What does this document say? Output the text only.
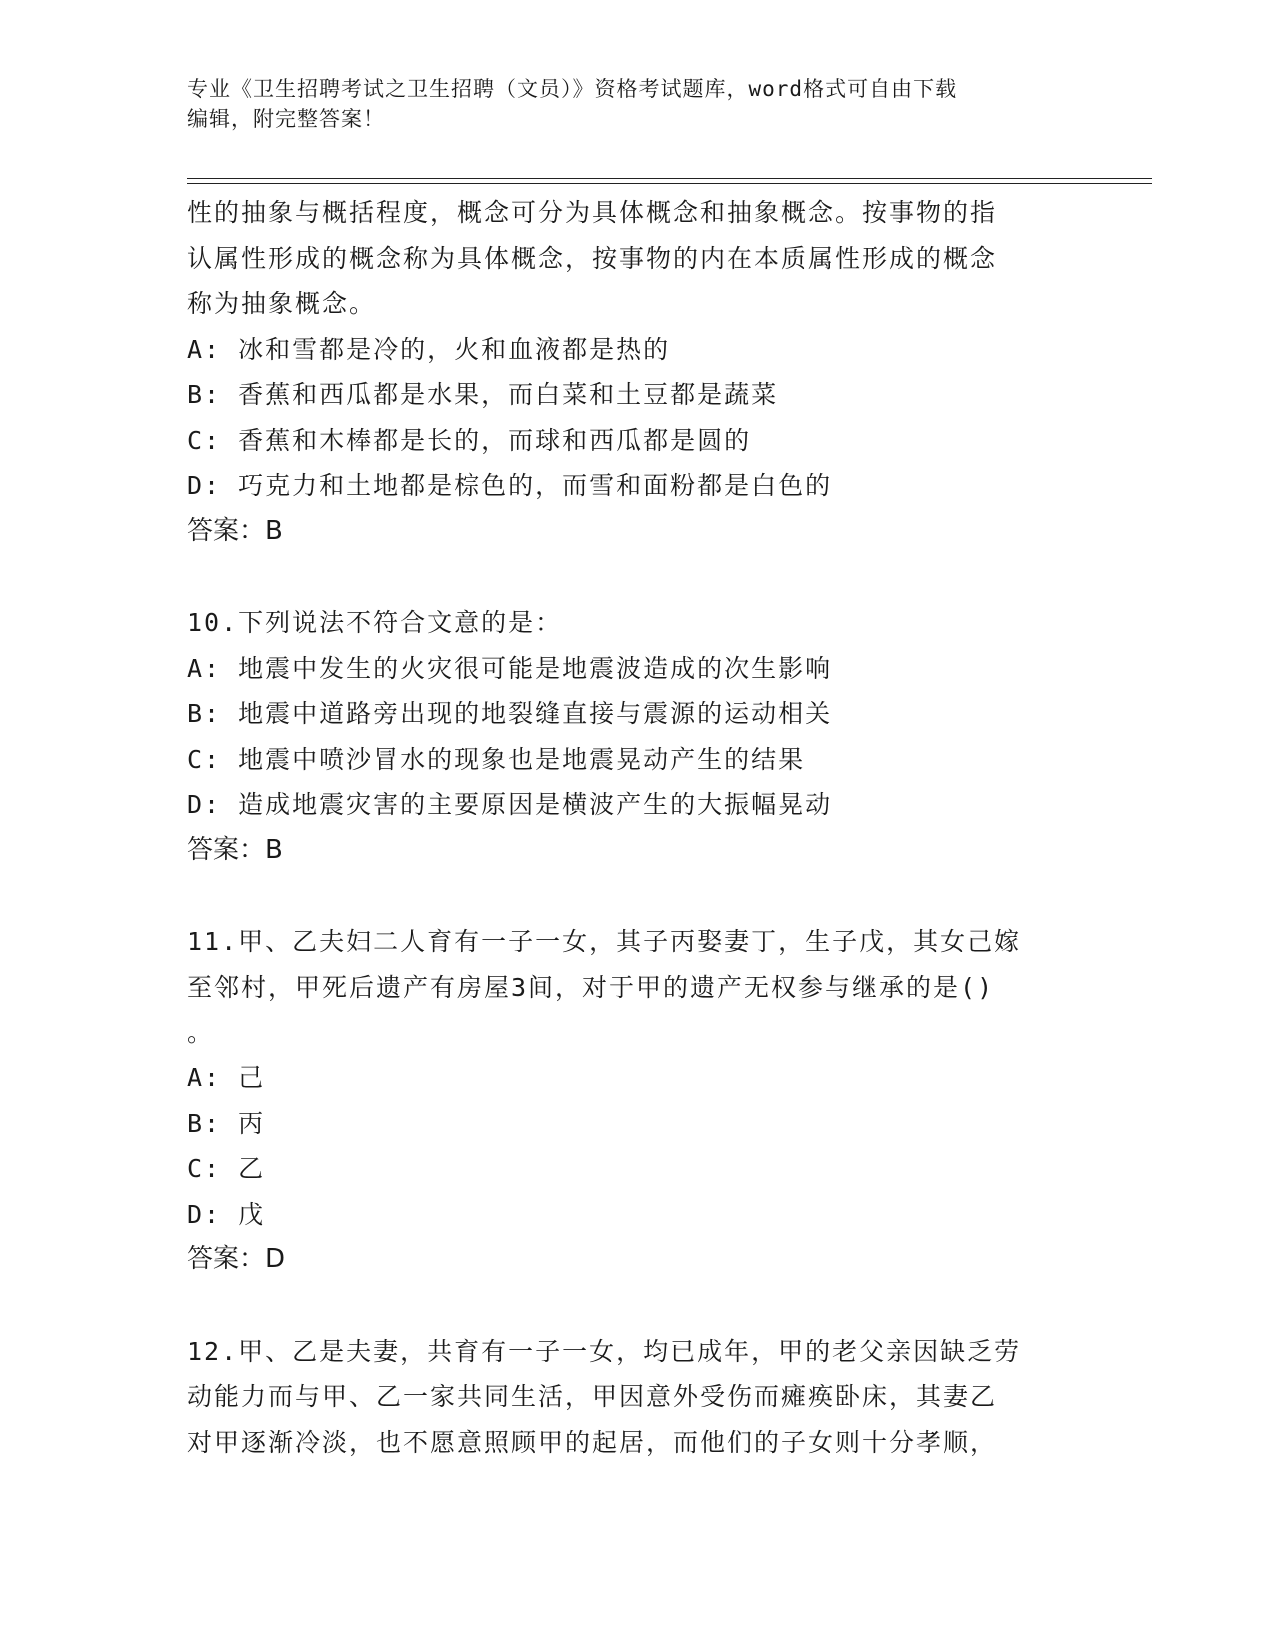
专业《卫生招聘考试之卫生招聘（文员）》资格考试题库，word格式可自由下载
编辑，附完整答案！
性的抽象与概括程度，概念可分为具体概念和抽象概念。按事物的指
认属性形成的概念称为具体概念，按事物的内在本质属性形成的概念
称为抽象概念。
A: 冰和雪都是冷的，火和血液都是热的
B: 香蕉和西瓜都是水果，而白菜和土豆都是蔬菜
C: 香蕉和木棒都是长的，而球和西瓜都是圆的
D: 巧克力和土地都是棕色的，而雪和面粉都是白色的
答案：B
10.下列说法不符合文意的是：
A: 地震中发生的火灾很可能是地震波造成的次生影响
B: 地震中道路旁出现的地裂缝直接与震源的运动相关
C: 地震中喷沙冒水的现象也是地震晃动产生的结果
D: 造成地震灾害的主要原因是横波产生的大振幅晃动
答案：B
11.甲、乙夫妇二人育有一子一女，其子丙娶妻丁，生子戊，其女己嫁
至邻村，甲死后遗产有房屋3间，对于甲的遗产无权参与继承的是()
。
A: 己
B: 丙
C: 乙
D: 戊
答案：D
12.甲、乙是夫妻，共育有一子一女，均已成年，甲的老父亲因缺乏劳
动能力而与甲、乙一家共同生活，甲因意外受伤而瘫痪卧床，其妻乙
对甲逐渐冷淡，也不愿意照顾甲的起居，而他们的子女则十分孝顺，
